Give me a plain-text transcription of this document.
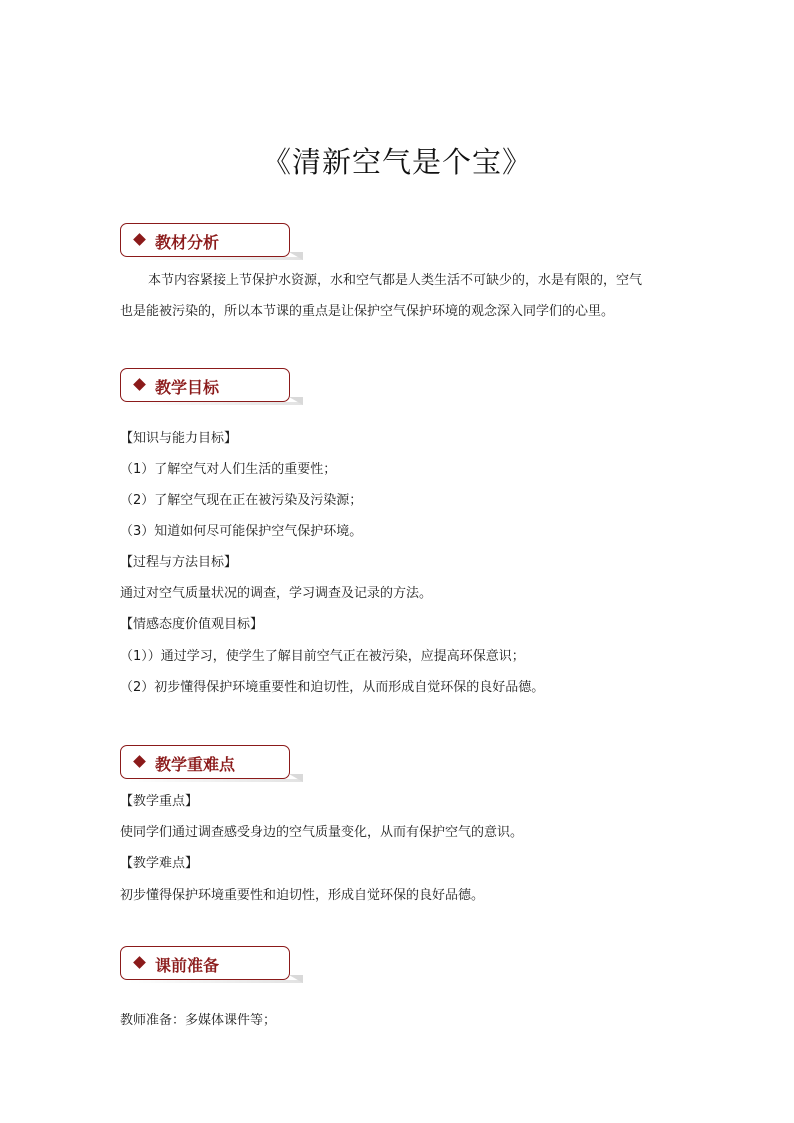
《清新空气是个宝》
教材分析
本节内容紧接上节保护水资源，水和空气都是人类生活不可缺少的，水是有限的，空气
也是能被污染的，所以本节课的重点是让保护空气保护环境的观念深入同学们的心里。
教学目标
【知识与能力目标】
（1）了解空气对人们生活的重要性；
（2）了解空气现在正在被污染及污染源；
（3）知道如何尽可能保护空气保护环境。
【过程与方法目标】
通过对空气质量状况的调查，学习调查及记录的方法。
【情感态度价值观目标】
（1））通过学习，使学生了解目前空气正在被污染，应提高环保意识；
（2）初步懂得保护环境重要性和迫切性，从而形成自觉环保的良好品德。
教学重难点
【教学重点】
使同学们通过调查感受身边的空气质量变化，从而有保护空气的意识。
【教学难点】
初步懂得保护环境重要性和迫切性，形成自觉环保的良好品德。
课前准备
教师准备：多媒体课件等；
